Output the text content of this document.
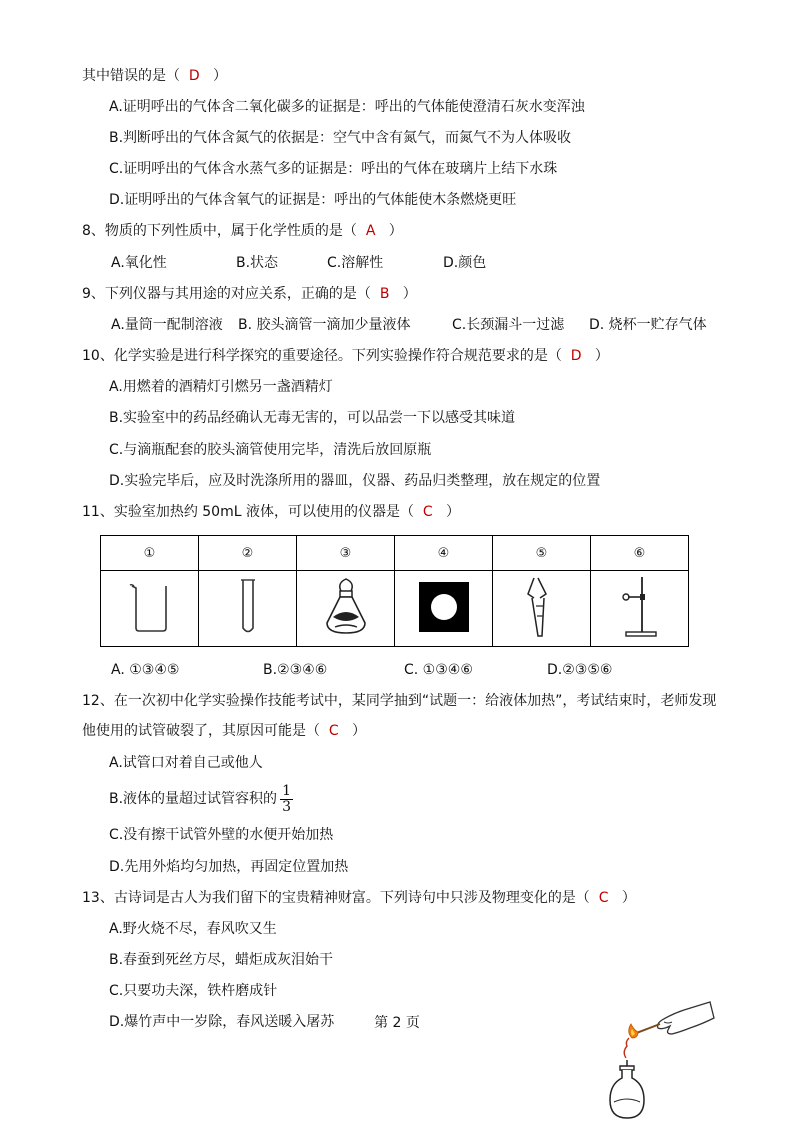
其中错误的是（ D ）
A.证明呼出的气体含二氧化碳多的证据是：呼出的气体能使澄清石灰水变浑浊
B.判断呼出的气体含氮气的依据是：空气中含有氮气，而氮气不为人体吸收
C.证明呼出的气体含水蒸气多的证据是：呼出的气体在玻璃片上结下水珠
D.证明呼出的气体含氧气的证据是：呼出的气体能使木条燃烧更旺
8、物质的下列性质中，属于化学性质的是（ A ）
A.氧化性	B.状态	C.溶解性	D.颜色
9、下列仪器与其用途的对应关系，正确的是（ B ）
A.量筒一配制溶液 B. 胶头滴管一滴加少量液体	C.长颈漏斗一过滤 D. 烧杯一贮存气体
10、化学实验是进行科学探究的重要途径。下列实验操作符合规范要求的是（ D ）
A.用燃着的酒精灯引燃另一盏酒精灯
B.实验室中的药品经确认无毒无害的，可以品尝一下以感受其味道
C.与滴瓶配套的胶头滴管使用完毕，清洗后放回原瓶
D.实验完毕后，应及时洗涤所用的器皿，仪器、药品归类整理，放在规定的位置
11、实验室加热约 50mL 液体，可以使用的仪器是（ C ）
①	②	③	④	⑤	⑥

A. ①③④⑤	B.②③④⑥	C. ①③④⑥	D.②③⑤⑥
12、在一次初中化学实验操作技能考试中，某同学抽到“试题一：给液体加热”，考试结束时，老师发现
他使用的试管破裂了，其原因可能是（ C ）
A.试管口对着自己或他人
B.液体的量超过试管容积的 $\frac{1}{3}$
C.没有擦干试管外壁的水便开始加热
D.先用外焰均匀加热，再固定位置加热
13、古诗词是古人为我们留下的宝贵精神财富。下列诗句中只涉及物理变化的是（ C ）
A.野火烧不尽，春风吹又生
B.春蚕到死丝方尽，蜡炬成灰泪始干
C.只要功夫深，铁杵磨成针
D.爆竹声中一岁除，春风送暖入屠苏	第 2 页
